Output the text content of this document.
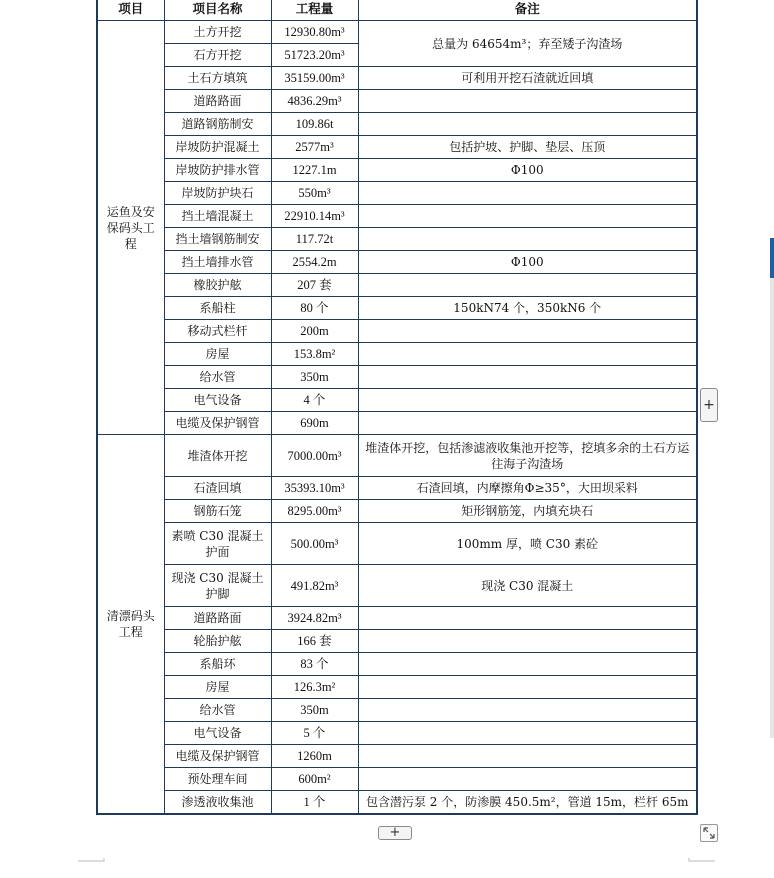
项目	项目名称	工程量	备注
运鱼及安保码头工程	土方开挖	12930.80m³	总量为 64654m³；弃至矮子沟渣场
	石方开挖	51723.20m³	
	土石方填筑	35159.00m³	可利用开挖石渣就近回填
	道路路面	4836.29m³	
	道路钢筋制安	109.86t	
	岸坡防护混凝土	2577m³	包括护坡、护脚、垫层、压顶
	岸坡防护排水管	1227.1m	Φ100
	岸坡防护块石	550m³	
	挡土墙混凝土	22910.14m³	
	挡土墙钢筋制安	117.72t	
	挡土墙排水管	2554.2m	Φ100
	橡胶护舷	207 套	
	系船柱	80 个	150kN74 个，350kN6 个
	移动式栏杆	200m	
	房屋	153.8m²	
	给水管	350m	
	电气设备	4 个	
	电缆及保护钢管	690m	
清漂码头工程	堆渣体开挖	7000.00m³	堆渣体开挖，包括渗滤液收集池开挖等，挖填多余的土石方运往海子沟渣场
	石渣回填	35393.10m³	石渣回填，内摩擦角Φ≥35°，大田坝采料
	钢筋石笼	8295.00m³	矩形钢筋笼，内填充块石
	素喷 C30 混凝土护面	500.00m³	100mm 厚，喷 C30 素砼
	现浇 C30 混凝土护脚	491.82m³	现浇 C30 混凝土
	道路路面	3924.82m³	
	轮胎护舷	166 套	
	系船环	83 个	
	房屋	126.3m²	
	给水管	350m	
	电气设备	5 个	
	电缆及保护钢管	1260m	
	预处理车间	600m²	
	渗透液收集池	1 个	包含潜污泵 2 个，防渗膜 450.5m²，管道 15m，栏杆 65m
+
+
